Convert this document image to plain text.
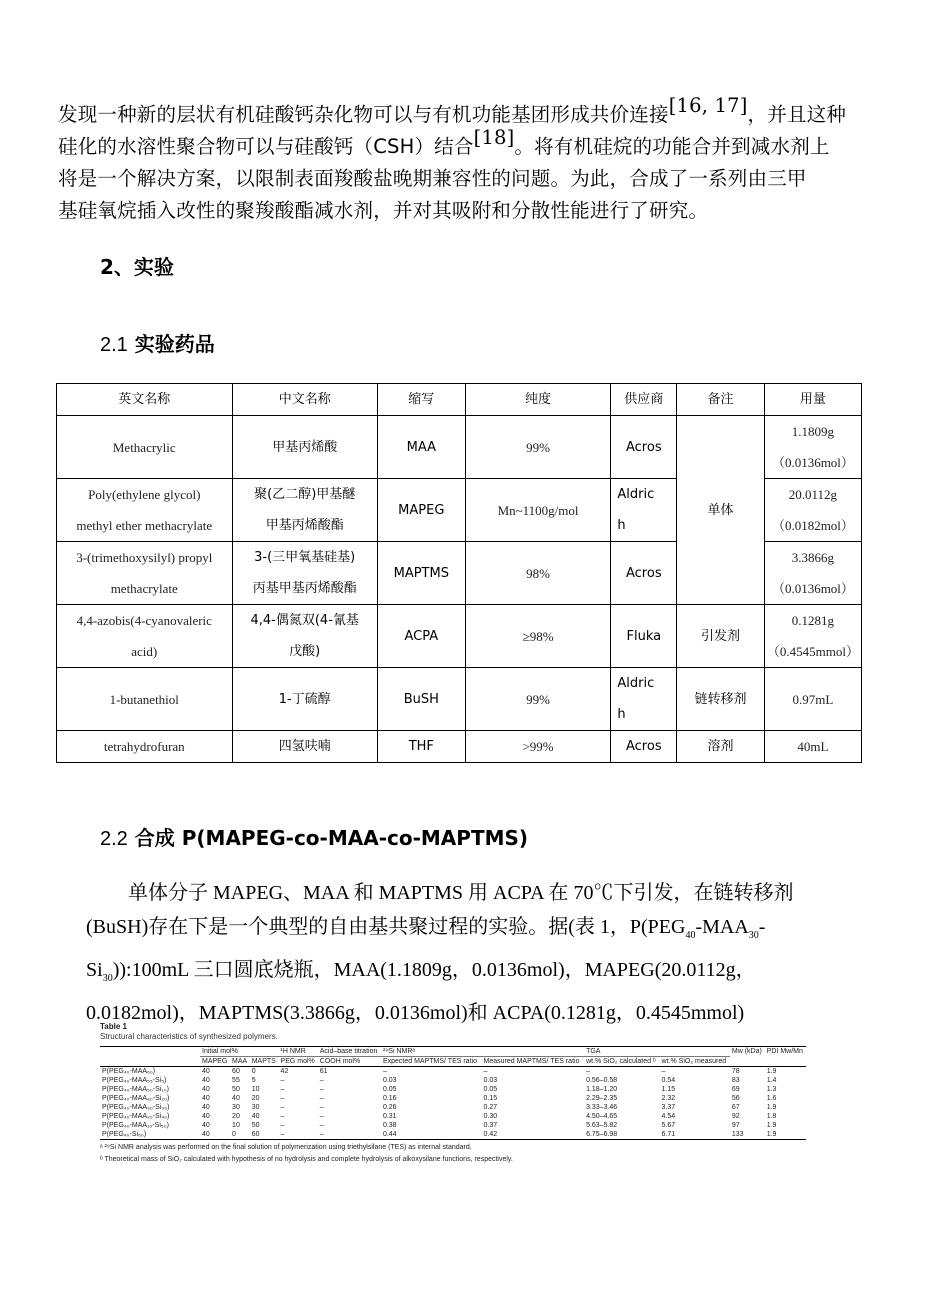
发现一种新的层状有机硅酸钙杂化物可以与有机功能基团形成共价连接[16, 17]，并且这种
硅化的水溶性聚合物可以与硅酸钙（CSH）结合[18]。将有机硅烷的功能合并到减水剂上
将是一个解决方案，以限制表面羧酸盐晚期兼容性的问题。为此，合成了一系列由三甲
基硅氧烷插入改性的聚羧酸酯减水剂，并对其吸附和分散性能进行了研究。

2、实验
2.1 实验药品
英文名称	中文名称	缩写	纯度	供应商	备注	用量
Methacrylic	甲基丙烯酸	MAA	99%	Acros	单体	1.1809g
（0.0136mol）
Poly(ethylene glycol)
methyl ether methacrylate	聚(乙二醇)甲基醚
甲基丙烯酸酯	MAPEG	Mn~1100g/mol	Aldric
h		20.0112g
（0.0182mol）
3-(trimethoxysilyl) propyl
methacrylate	3-(三甲氧基硅基)
丙基甲基丙烯酸酯	MAPTMS	98%	Acros		3.3866g
（0.0136mol）
4,4-azobis(4-cyanovaleric
acid)	4,4-偶氮双(4-氰基
戊酸)	ACPA	≥98%	Fluka	引发剂	0.1281g
（0.4545mmol）
1-butanethiol	1-丁硫醇	BuSH	99%	Aldric
h	链转移剂	0.97mL
tetrahydrofuran	四氢呋喃	THF	>99%	Acros	溶剂	40mL
2.2 合成 P(MAPEG-co-MAA-co-MAPTMS)

单体分子 MAPEG、MAA 和 MAPTMS 用 ACPA 在 70℃下引发，在链转移剂
(BuSH)存在下是一个典型的自由基共聚过程的实验。据(表 1，$P(PEG_{40}-MAA_{30}-$
$Si_{30})):100mL$ 三口圆底烧瓶，MAA(1.1809g，0.0136mol)，MAPEG(20.0112g，
0.0182mol)，MAPTMS(3.3866g，0.0136mol)和 ACPA(0.1281g，0.4545mmol)

Table 1
Structural characteristics of synthesized polymers.
	Initial mol%			¹H NMR	Acid–base titration	²⁹Si NMRᵃ		TGA		Mw (kDa)	PDI Mw/Mn
	MAPEG	MAA	MAPTS	PEG mol%	COOH mol%	Expected MAPTMS/ TES ratio	Measured MAPTMS/ TES ratio	wt.% SiO₂ calculated ᵇ	wt.% SiO₂ measured		
P(PEG₄₀-MAA₆₀)	40	60	0	42	61	–	–	–	–	78	1.9
P(PEG₄₀-MAA₅₅-Si₅)	40	55	5	–	–	0.03	0.03	0.56–0.58	0.54	83	1.4
P(PEG₄₀-MAA₅₀-Si₁₀)	40	50	10	–	–	0.05	0.05	1.18–1.20	1.15	69	1.3
P(PEG₄₀-MAA₄₀-Si₂₀)	40	40	20	–	–	0.16	0.15	2.29–2.35	2.32	56	1.6
P(PEG₄₀-MAA₃₀-Si₃₀)	40	30	30	–	–	0.26	0.27	3.33–3.46	3.37	67	1.9
P(PEG₄₀-MAA₂₀-Si₄₀)	40	20	40	–	–	0.31	0.30	4.50–4.65	4.54	92	1.8
P(PEG₄₀-MAA₁₀-Si₅₀)	40	10	50	–	–	0.38	0.37	5.63–5.82	5.67	97	1.9
P(PEG₄₀-Si₆₀)	40	0	60	–	–	0.44	0.42	6.75–6.98	6.71	133	1.9
ᵃ ²⁹Si NMR analysis was performed on the final solution of polymerization using triethylsilane (TES) as internal standard.
ᵇ Theoretical mass of SiO₂ calculated with hypothesis of no hydrolysis and complete hydrolysis of alkoxysilane functions, respectively.
